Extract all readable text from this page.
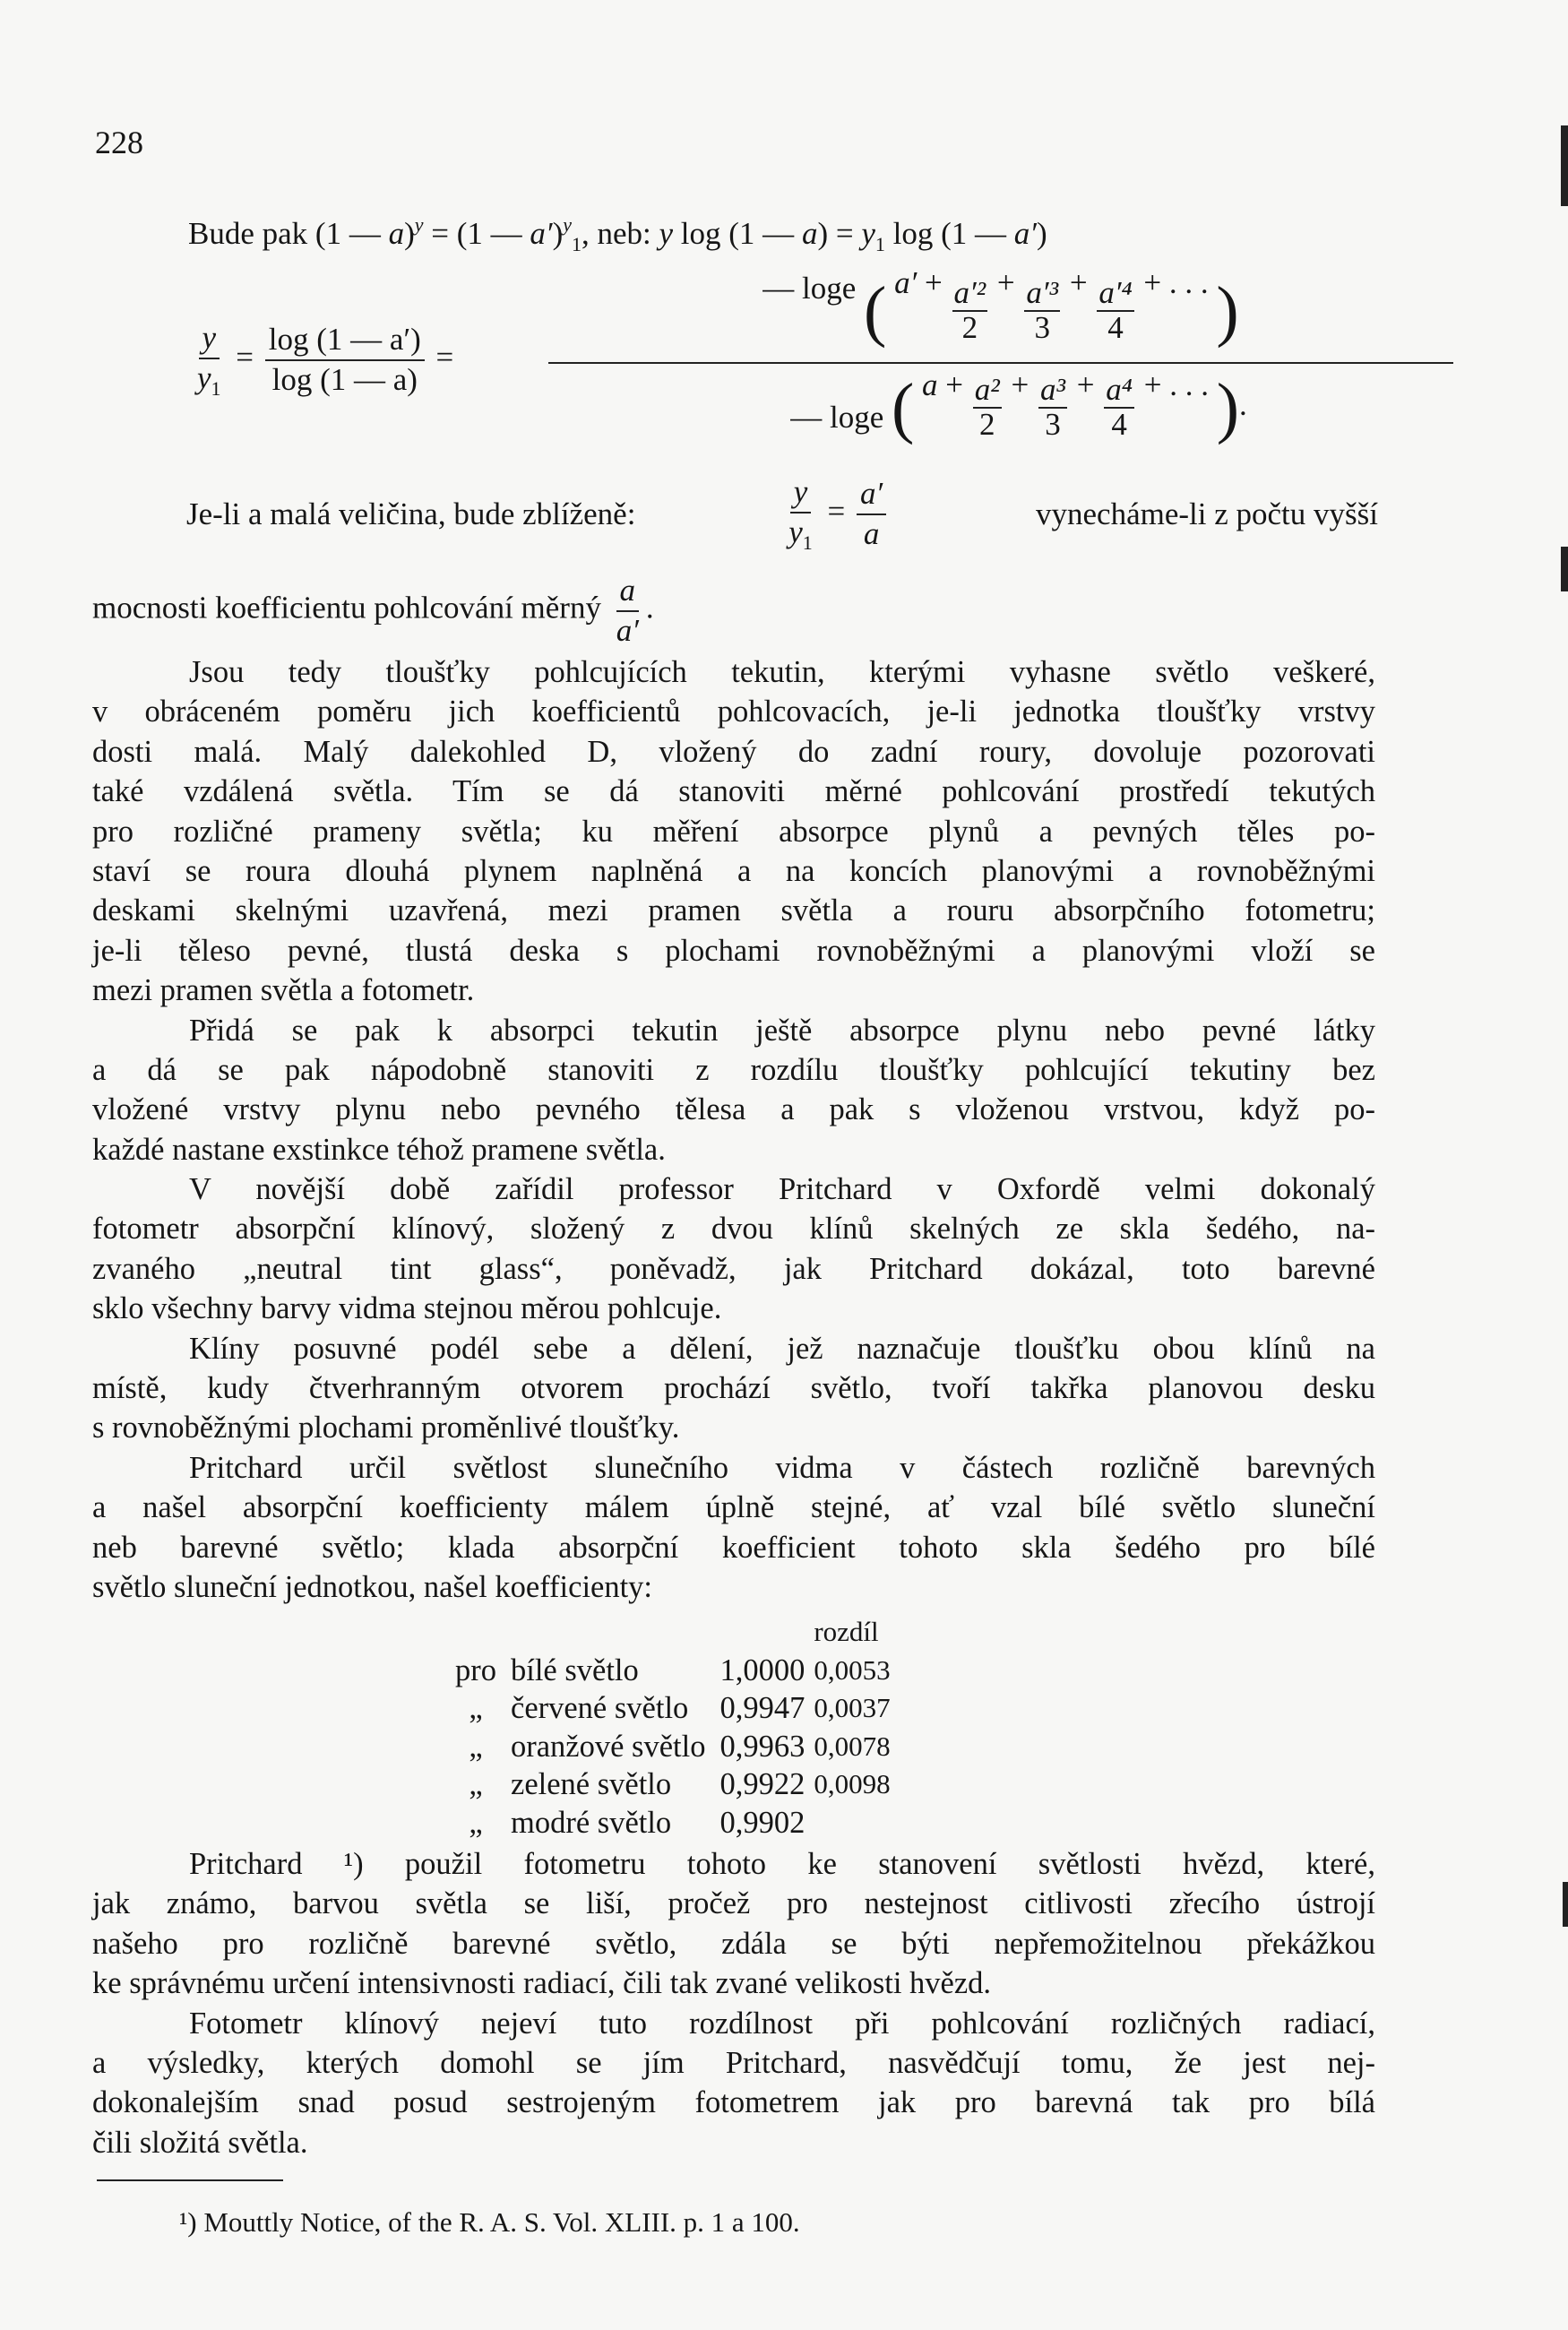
228
Bude pak (1 — a)$^y$ = (1 — a′)$^y_1$, neb: y log (1 — $a) = y_1$ log (1 — a′)
$\frac{y}{y_1} = \frac{\log (1 — a')}{\log (1 — a)}$ =
— loge ( $a' + \frac{\text{a′²}}{2} + \frac{\text{a′³}}{3} + \frac{\text{a′⁴}}{4}$ + . . . )
— loge ( $a + \frac{\text{a²}}{2} + \frac{\text{a³}}{3} + \frac{\text{a⁴}}{4}$ + . . . ).
Je-li a malá veličina, bude zblíženě:	$\frac{y}{y_1} = \frac{a'}{a}$	vynecháme-li z počtu vyšší
mocnosti koefficientu pohlcování měrný $\frac{a}{a'}$ .
Jsou tedy tloušťky pohlcujících tekutin, kterými vyhasne světlo veškeré,
v obráceném poměru jich koefficientů pohlcovacích, je-li jednotka tloušťky vrstvy
dosti malá. Malý dalekohled D, vložený do zadní roury, dovoluje pozorovati
také vzdálená světla. Tím se dá stanoviti měrné pohlcování prostředí tekutých
pro rozličné prameny světla; ku měření absorpce plynů a pevných těles po-
staví se roura dlouhá plynem naplněná a na koncích planovými a rovnoběžnými
deskami skelnými uzavřená, mezi pramen světla a rouru absorpčního fotometru;
je-li těleso pevné, tlustá deska s plochami rovnoběžnými a planovými vloží se
mezi pramen světla a fotometr.
Přidá se pak k absorpci tekutin ještě absorpce plynu nebo pevné látky
a dá se pak nápodobně stanoviti z rozdílu tloušťky pohlcující tekutiny bez
vložené vrstvy plynu nebo pevného tělesa a pak s vloženou vrstvou, když po-
každé nastane exstinkce téhož pramene světla.
V novější době zařídil professor Pritchard v Oxfordě velmi dokonalý
fotometr absorpční klínový, složený z dvou klínů skelných ze skla šedého, na-
zvaného „neutral tint glass“, poněvadž, jak Pritchard dokázal, toto barevné
sklo všechny barvy vidma stejnou měrou pohlcuje.
Klíny posuvné podél sebe a dělení, jež naznačuje tloušťku obou klínů na
místě, kudy čtverhranným otvorem prochází světlo, tvoří takřka planovou desku
s rovnoběžnými plochami proměnlivé tloušťky.
Pritchard určil světlost slunečního vidma v částech rozličně barevných
a našel absorpční koefficienty málem úplně stejné, ať vzal bílé světlo sluneční
neb barevné světlo; klada absorpční koefficient tohoto skla šedého pro bílé
světlo sluneční jednotkou, našel koefficienty:
			rozdíl
pro	bílé světlo	1,0000	0,0053
„	červené světlo	0,9947	0,0037
„	oranžové světlo	0,9963	0,0078
„	zelené světlo	0,9922	0,0098
„	modré světlo	0,9902	
Pritchard ¹) použil fotometru tohoto ke stanovení světlosti hvězd, které,
jak známo, barvou světla se liší, pročež pro nestejnost citlivosti zřecího ústrojí
našeho pro rozličně barevné světlo, zdála se býti nepřemožitelnou překážkou
ke správnému určení intensivnosti radiací, čili tak zvané velikosti hvězd.
Fotometr klínový nejeví tuto rozdílnost při pohlcování rozličných radiací,
a výsledky, kterých domohl se jím Pritchard, nasvědčují tomu, že jest nej-
dokonalejším snad posud sestrojeným fotometrem jak pro barevná tak pro bílá
čili složitá světla.
¹) Mouttly Notice, of the R. A. S. Vol. XLIII. p. 1 a 100.
